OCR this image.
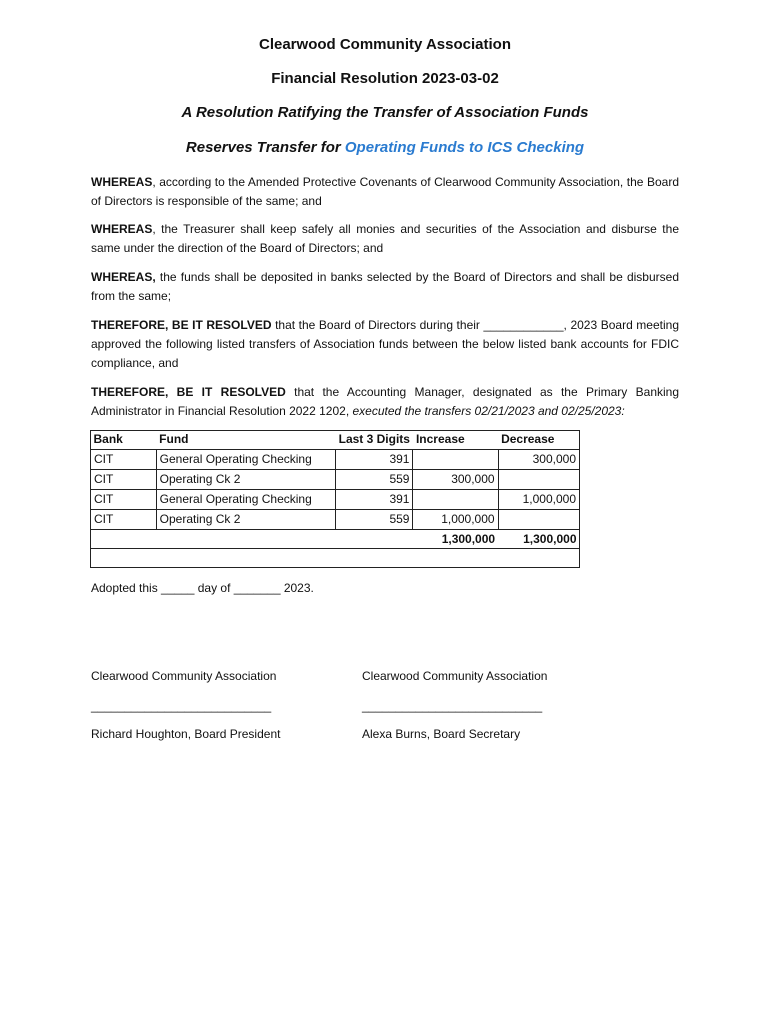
Clearwood Community Association
Financial Resolution 2023-03-02
A Resolution Ratifying the Transfer of Association Funds
Reserves Transfer for Operating Funds to ICS Checking
WHEREAS, according to the Amended Protective Covenants of Clearwood Community Association, the Board of Directors is responsible of the same; and
WHEREAS, the Treasurer shall keep safely all monies and securities of the Association and disburse the same under the direction of the Board of Directors; and
WHEREAS, the funds shall be deposited in banks selected by the Board of Directors and shall be disbursed from the same;
THEREFORE, BE IT RESOLVED that the Board of Directors during their ____________, 2023 Board meeting approved the following listed transfers of Association funds between the below listed bank accounts for FDIC compliance, and
THEREFORE, BE IT RESOLVED that the Accounting Manager, designated as the Primary Banking Administrator in Financial Resolution 2022 1202, executed the transfers 02/21/2023 and 02/25/2023:
Bank	Fund	Last 3 Digits	Increase	Decrease
CIT	General Operating Checking	391		300,000
CIT	Operating Ck 2	559	300,000	
CIT	General Operating Checking	391		1,000,000
CIT	Operating Ck 2	559	1,000,000	
			1,300,000	1,300,000
Adopted this _____ day of _______ 2023.
Clearwood Community Association
___________________________
Richard Houghton, Board President
Clearwood Community Association
___________________________
Alexa Burns, Board Secretary
